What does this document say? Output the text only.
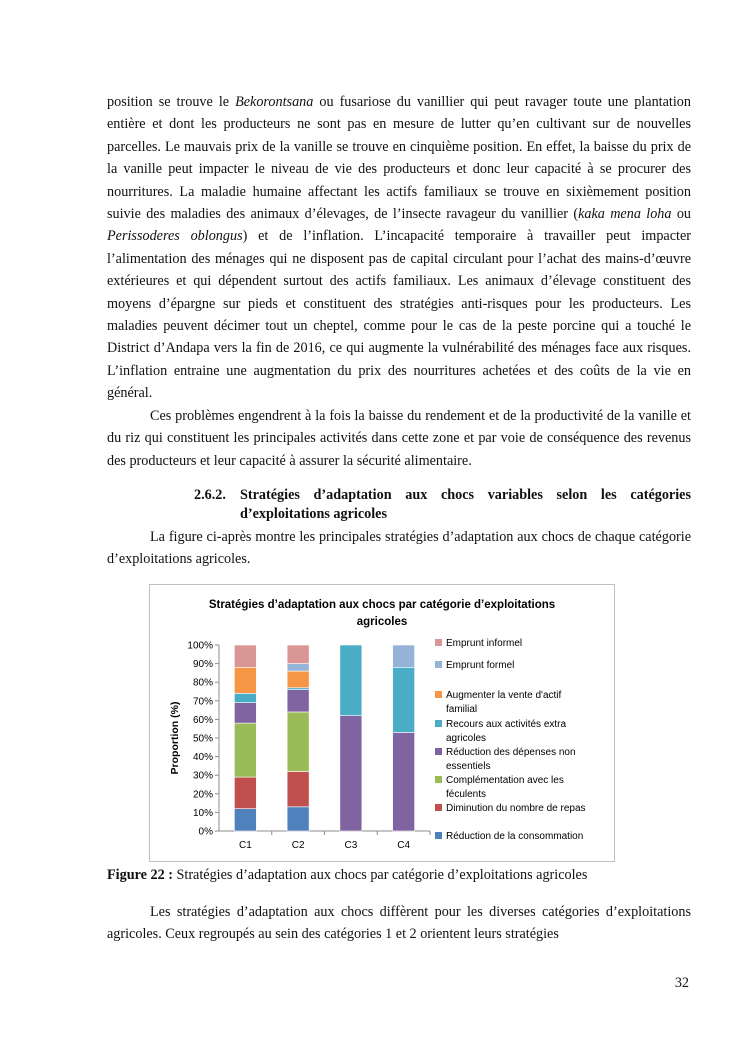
position se trouve le Bekorontsana ou fusariose du vanillier qui peut ravager toute une plantation entière et dont les producteurs ne sont pas en mesure de lutter qu’en cultivant sur de nouvelles parcelles. Le mauvais prix de la vanille se trouve en cinquième position. En effet, la baisse du prix de la vanille peut impacter le niveau de vie des producteurs et donc leur capacité à se procurer des nourritures. La maladie humaine affectant les actifs familiaux se trouve en sixièmement position suivie des maladies des animaux d’élevages, de l’insecte ravageur du vanillier (kaka mena loha ou Perissoderes oblongus) et de l’inflation. L’incapacité temporaire à travailler peut impacter l’alimentation des ménages qui ne disposent pas de capital circulant pour l’achat des mains-d’œuvre extérieures et qui dépendent surtout des actifs familiaux. Les animaux d’élevage constituent des moyens d’épargne sur pieds et constituent des stratégies anti-risques pour les producteurs. Les maladies peuvent décimer tout un cheptel, comme pour le cas de la peste porcine qui a touché le District d’Andapa vers la fin de 2016, ce qui augmente la vulnérabilité des ménages face aux risques. L’inflation entraine une augmentation du prix des nourritures achetées et des coûts de la vie en général.

Ces problèmes engendrent à la fois la baisse du rendement et de la productivité de la vanille et du riz qui constituent les principales activités dans cette zone et par voie de conséquence des revenus des producteurs et leur capacité à assurer la sécurité alimentaire.

2.6.2. Stratégies d’adaptation aux chocs variables selon les catégories d’exploitations agricoles

La figure ci-après montre les principales stratégies d’adaptation aux chocs de chaque catégorie d’exploitations agricoles.

Stratégies d’adaptation aux chocs par catégorie d’exploitations
agricoles
0%
10%
20%
30%
40%
50%
60%
70%
80%
90%
100%
Proportion (%)
C1	C2	C3	C4
Emprunt informel
Emprunt formel
Augmenter la vente d'actif
familial
Recours aux activités extra
agricoles
Réduction des dépenses non
essentiels
Complémentation avec les
féculents
Diminution du nombre de repas
Réduction de la consommation
Figure 22 : Stratégies d’adaptation aux chocs par catégorie d’exploitations agricoles

Les stratégies d’adaptation aux chocs diffèrent pour les diverses catégories d’exploitations agricoles. Ceux regroupés au sein des catégories 1 et 2 orientent leurs stratégies

32
